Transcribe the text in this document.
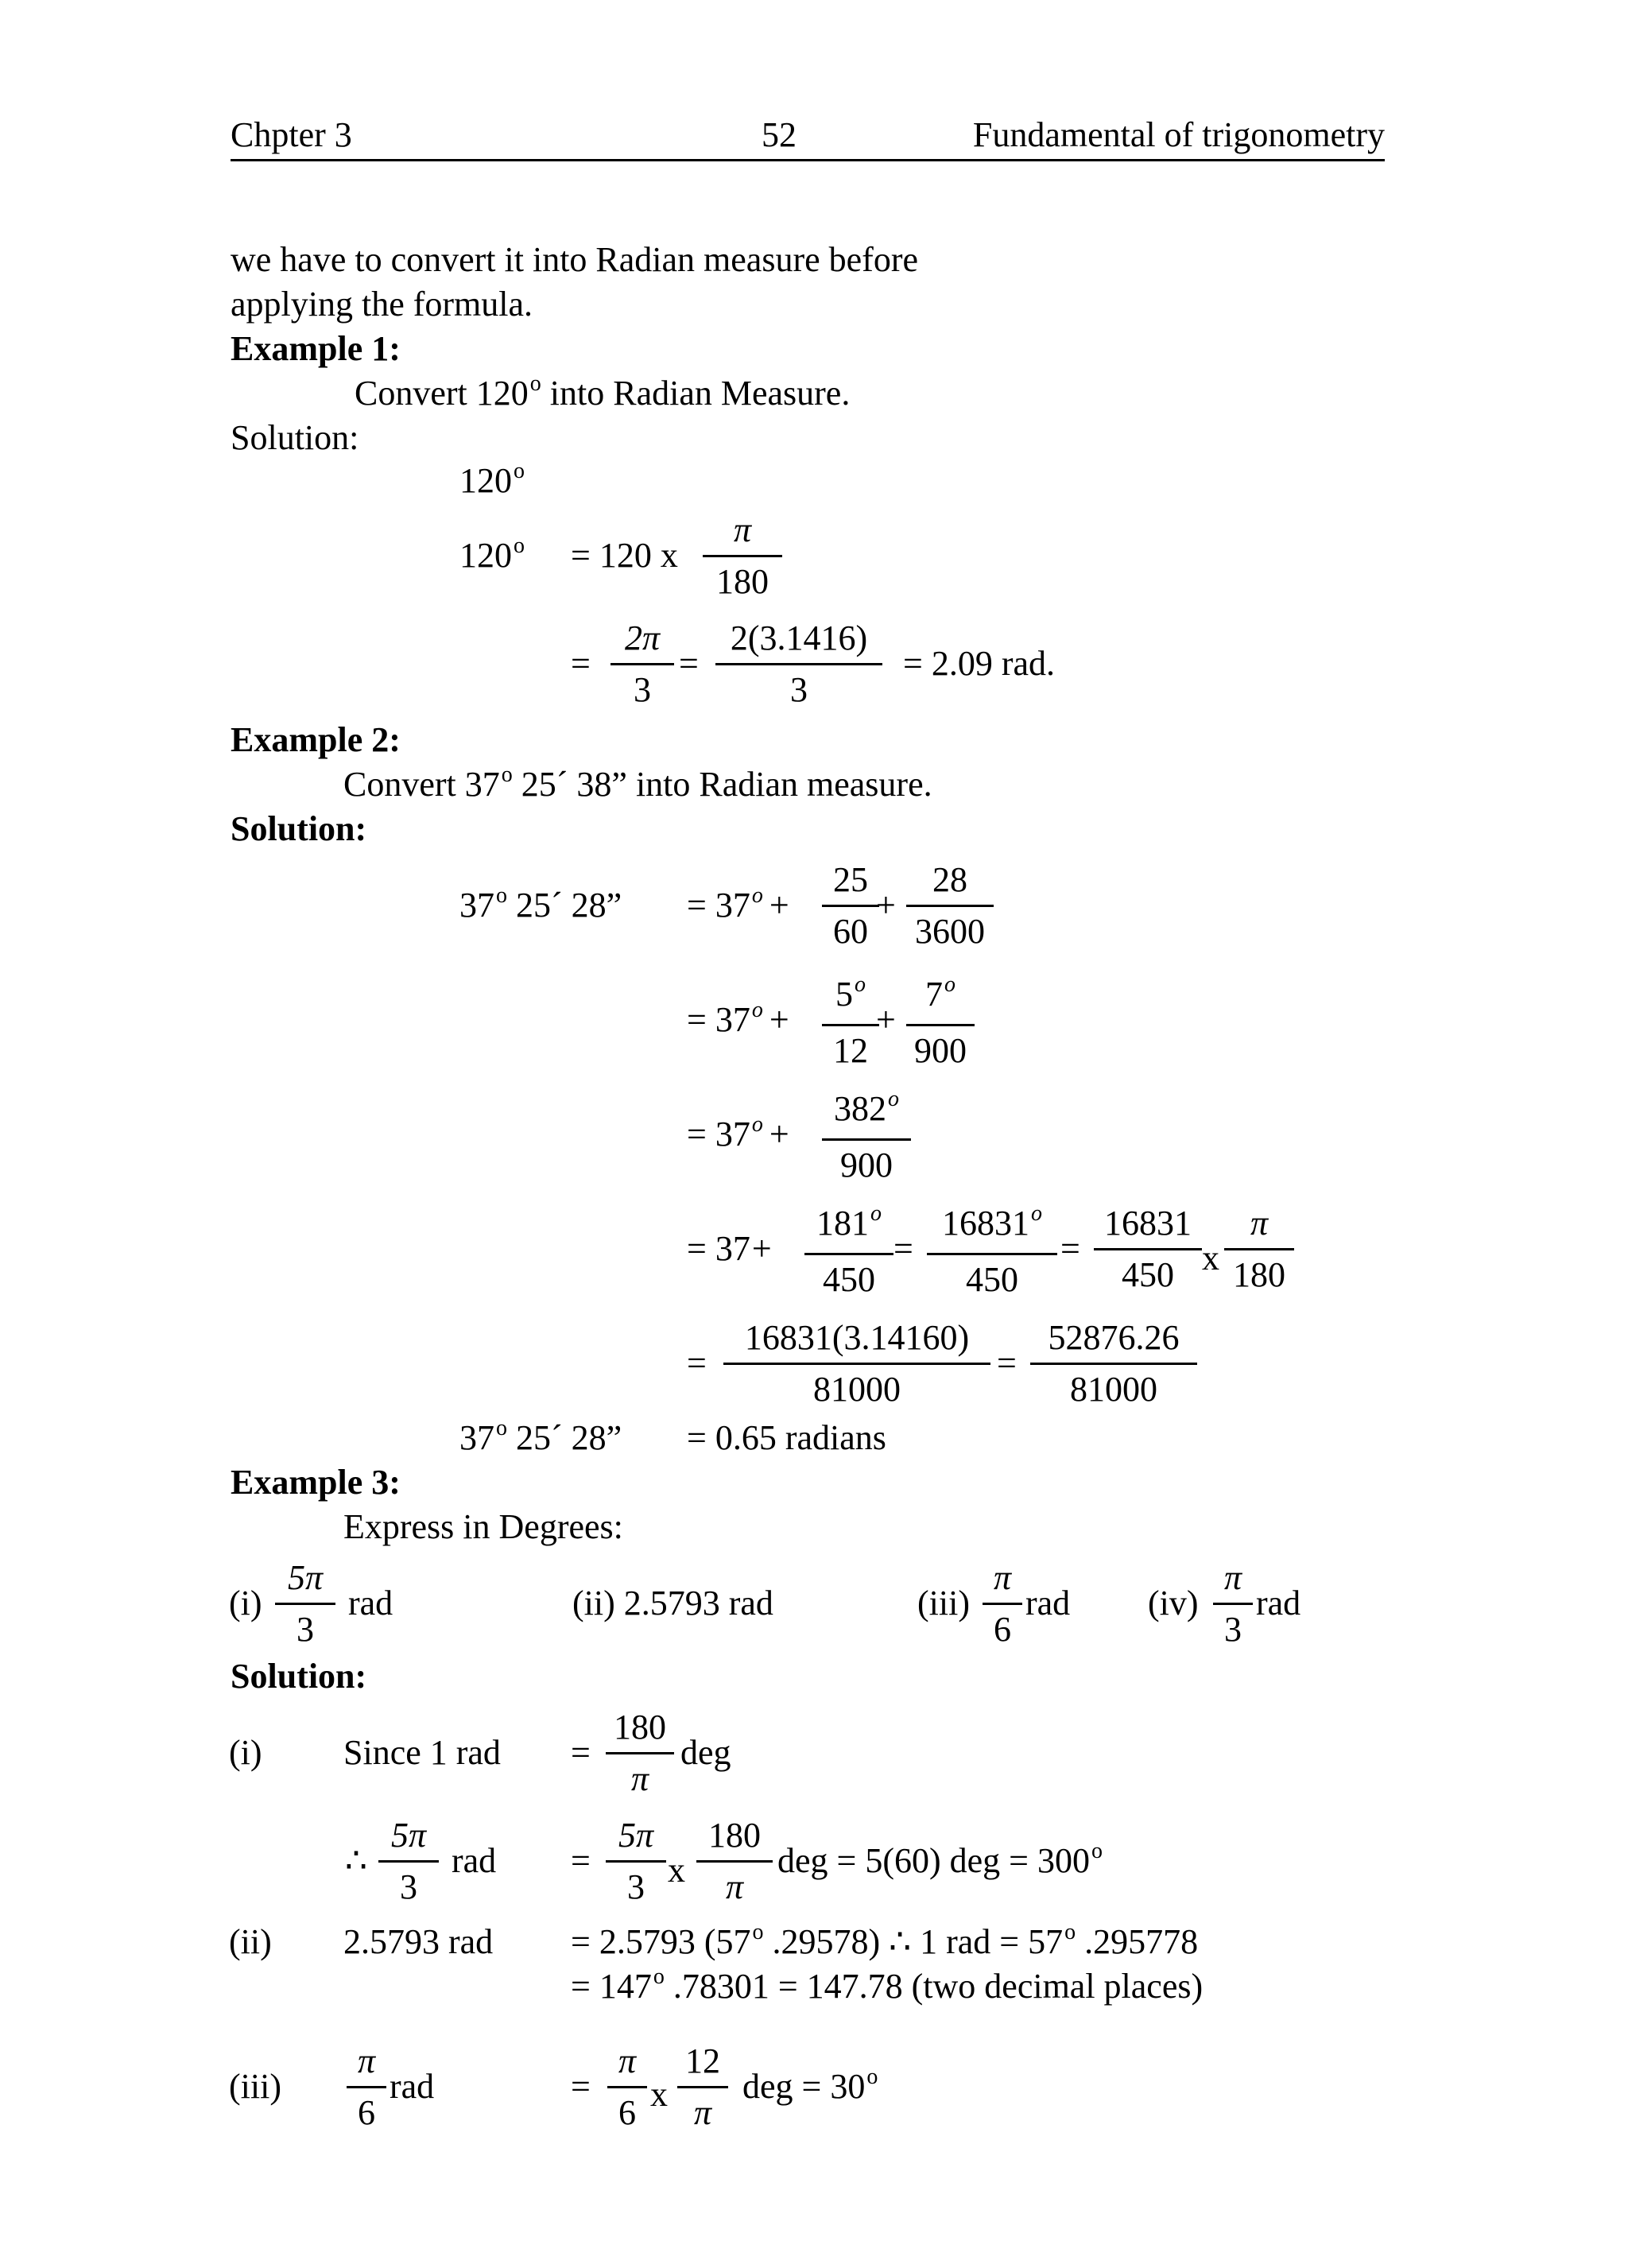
Chpter 3	52	Fundamental of trigonometry
we have to convert it into Radian measure before
applying the formula.
Example 1:
Convert 120$^o$ into Radian Measure.
Solution:
120$^o$
$120^o = 120$ x $\frac{\pi}{180}$
= $\frac{2\pi}{3} = \frac{2(3.1416)}{3} = 2.09$ rad.
Example 2:
Convert 37$^o$ 25´ 38” into Radian measure.
Solution:
37$^o$ 25´ 28” = $37^o + \frac{25}{60}$
+ $\frac{28}{3600}$
= $37^o + \frac{5^o}{12}$
+ $\frac{7^o}{900}$
= $37^o + \frac{382^o}{900}$
= $37+ \frac{181^o}{450} = \frac{16831^o}{450} = \frac{16831}{450}$ x $\frac{\pi}{180}$
= $\frac{16831(3.14160)}{81000} = \frac{52876.26}{81000}$
37$^o$ 25´ 28” = 0.65 radians
Example 3:
Express in Degrees:
$(i) \frac{5\pi}{3}$ rad	(ii) 2.5793 rad	$(iii) \frac{\pi}{6}$ rad $(iv) \frac{\pi}{3}$ rad
Solution:
(i) Since 1 rad = $\frac{180}{\pi}$ deg
∴ $\frac{5\pi}{3}$ rad = $\frac{5\pi}{3}$ x $\frac{180}{\pi}$ deg = 5(60) deg = $300^o$
(ii) 2.5793 rad = 2.5793 (57$^o$ .29578) ∴ 1 rad = $57^o$ .295778
= $147^o$ .78301 = 147.78 (two decimal places)
$(iii) \frac{\pi}{6}$ rad	= $\frac{\pi}{6}$ x $\frac{12}{\pi}$ deg = $30^o$
